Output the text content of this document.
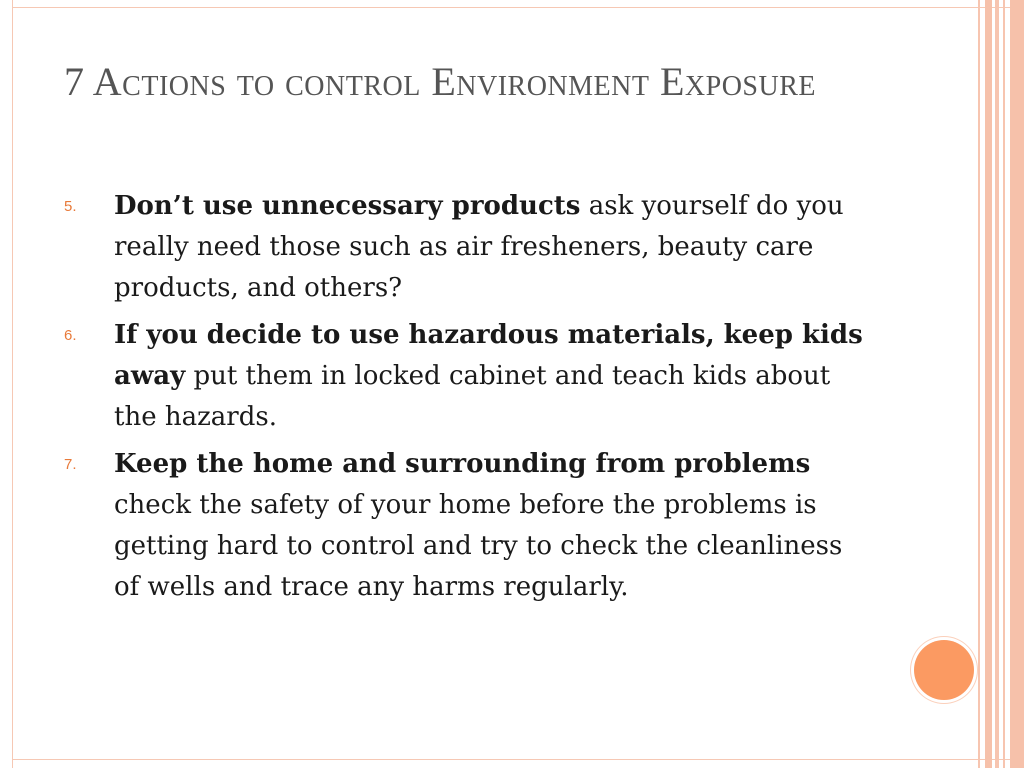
7 Actions to control Environment Exposure
5. Don’t use unnecessary products ask yourself do you really need those such as air fresheners, beauty care products, and others?
6. If you decide to use hazardous materials, keep kids away put them in locked cabinet and teach kids about the hazards.
7. Keep the home and surrounding from problems check the safety of your home before the problems is getting hard to control and try to check the cleanliness of wells and trace any harms regularly.
